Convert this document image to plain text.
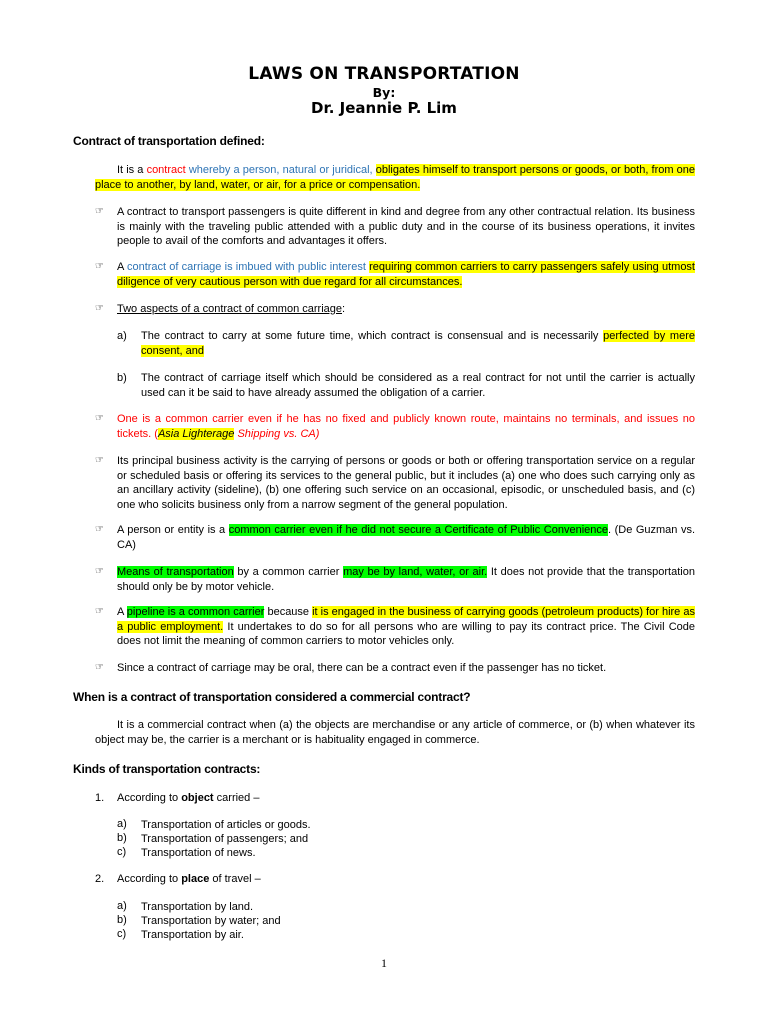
LAWS ON TRANSPORTATION
By:
Dr. Jeannie P. Lim
Contract of transportation defined:
It is a contract whereby a person, natural or juridical, obligates himself to transport persons or goods, or both, from one place to another, by land, water, or air, for a price or compensation.
☞ A contract to transport passengers is quite different in kind and degree from any other contractual relation. Its business is mainly with the traveling public attended with a public duty and in the course of its business operations, it invites people to avail of the comforts and advantages it offers.
☞ A contract of carriage is imbued with public interest requiring common carriers to carry passengers safely using utmost diligence of very cautious person with due regard for all circumstances.
☞ Two aspects of a contract of common carriage:
a) The contract to carry at some future time, which contract is consensual and is necessarily perfected by mere consent, and
b) The contract of carriage itself which should be considered as a real contract for not until the carrier is actually used can it be said to have already assumed the obligation of a carrier.
☞ One is a common carrier even if he has no fixed and publicly known route, maintains no terminals, and issues no tickets. (Asia Lighterage Shipping vs. CA)
☞ Its principal business activity is the carrying of persons or goods or both or offering transportation service on a regular or scheduled basis or offering its services to the general public, but it includes (a) one who does such carrying only as an ancillary activity (sideline), (b) one offering such service on an occasional, episodic, or unscheduled basis, and (c) one who solicits business only from a narrow segment of the general population.
☞ A person or entity is a common carrier even if he did not secure a Certificate of Public Convenience. (De Guzman vs. CA)
☞ Means of transportation by a common carrier may be by land, water, or air. It does not provide that the transportation should only be by motor vehicle.
☞ A pipeline is a common carrier because it is engaged in the business of carrying goods (petroleum products) for hire as a public employment. It undertakes to do so for all persons who are willing to pay its contract price. The Civil Code does not limit the meaning of common carriers to motor vehicles only.
☞ Since a contract of carriage may be oral, there can be a contract even if the passenger has no ticket.
When is a contract of transportation considered a commercial contract?
It is a commercial contract when (a) the objects are merchandise or any article of commerce, or (b) when whatever its object may be, the carrier is a merchant or is habituality engaged in commerce.
Kinds of transportation contracts:
1. According to object carried –
a) Transportation of articles or goods.
b) Transportation of passengers; and
c) Transportation of news.
2. According to place of travel –
a) Transportation by land.
b) Transportation by water; and
c) Transportation by air.
1
